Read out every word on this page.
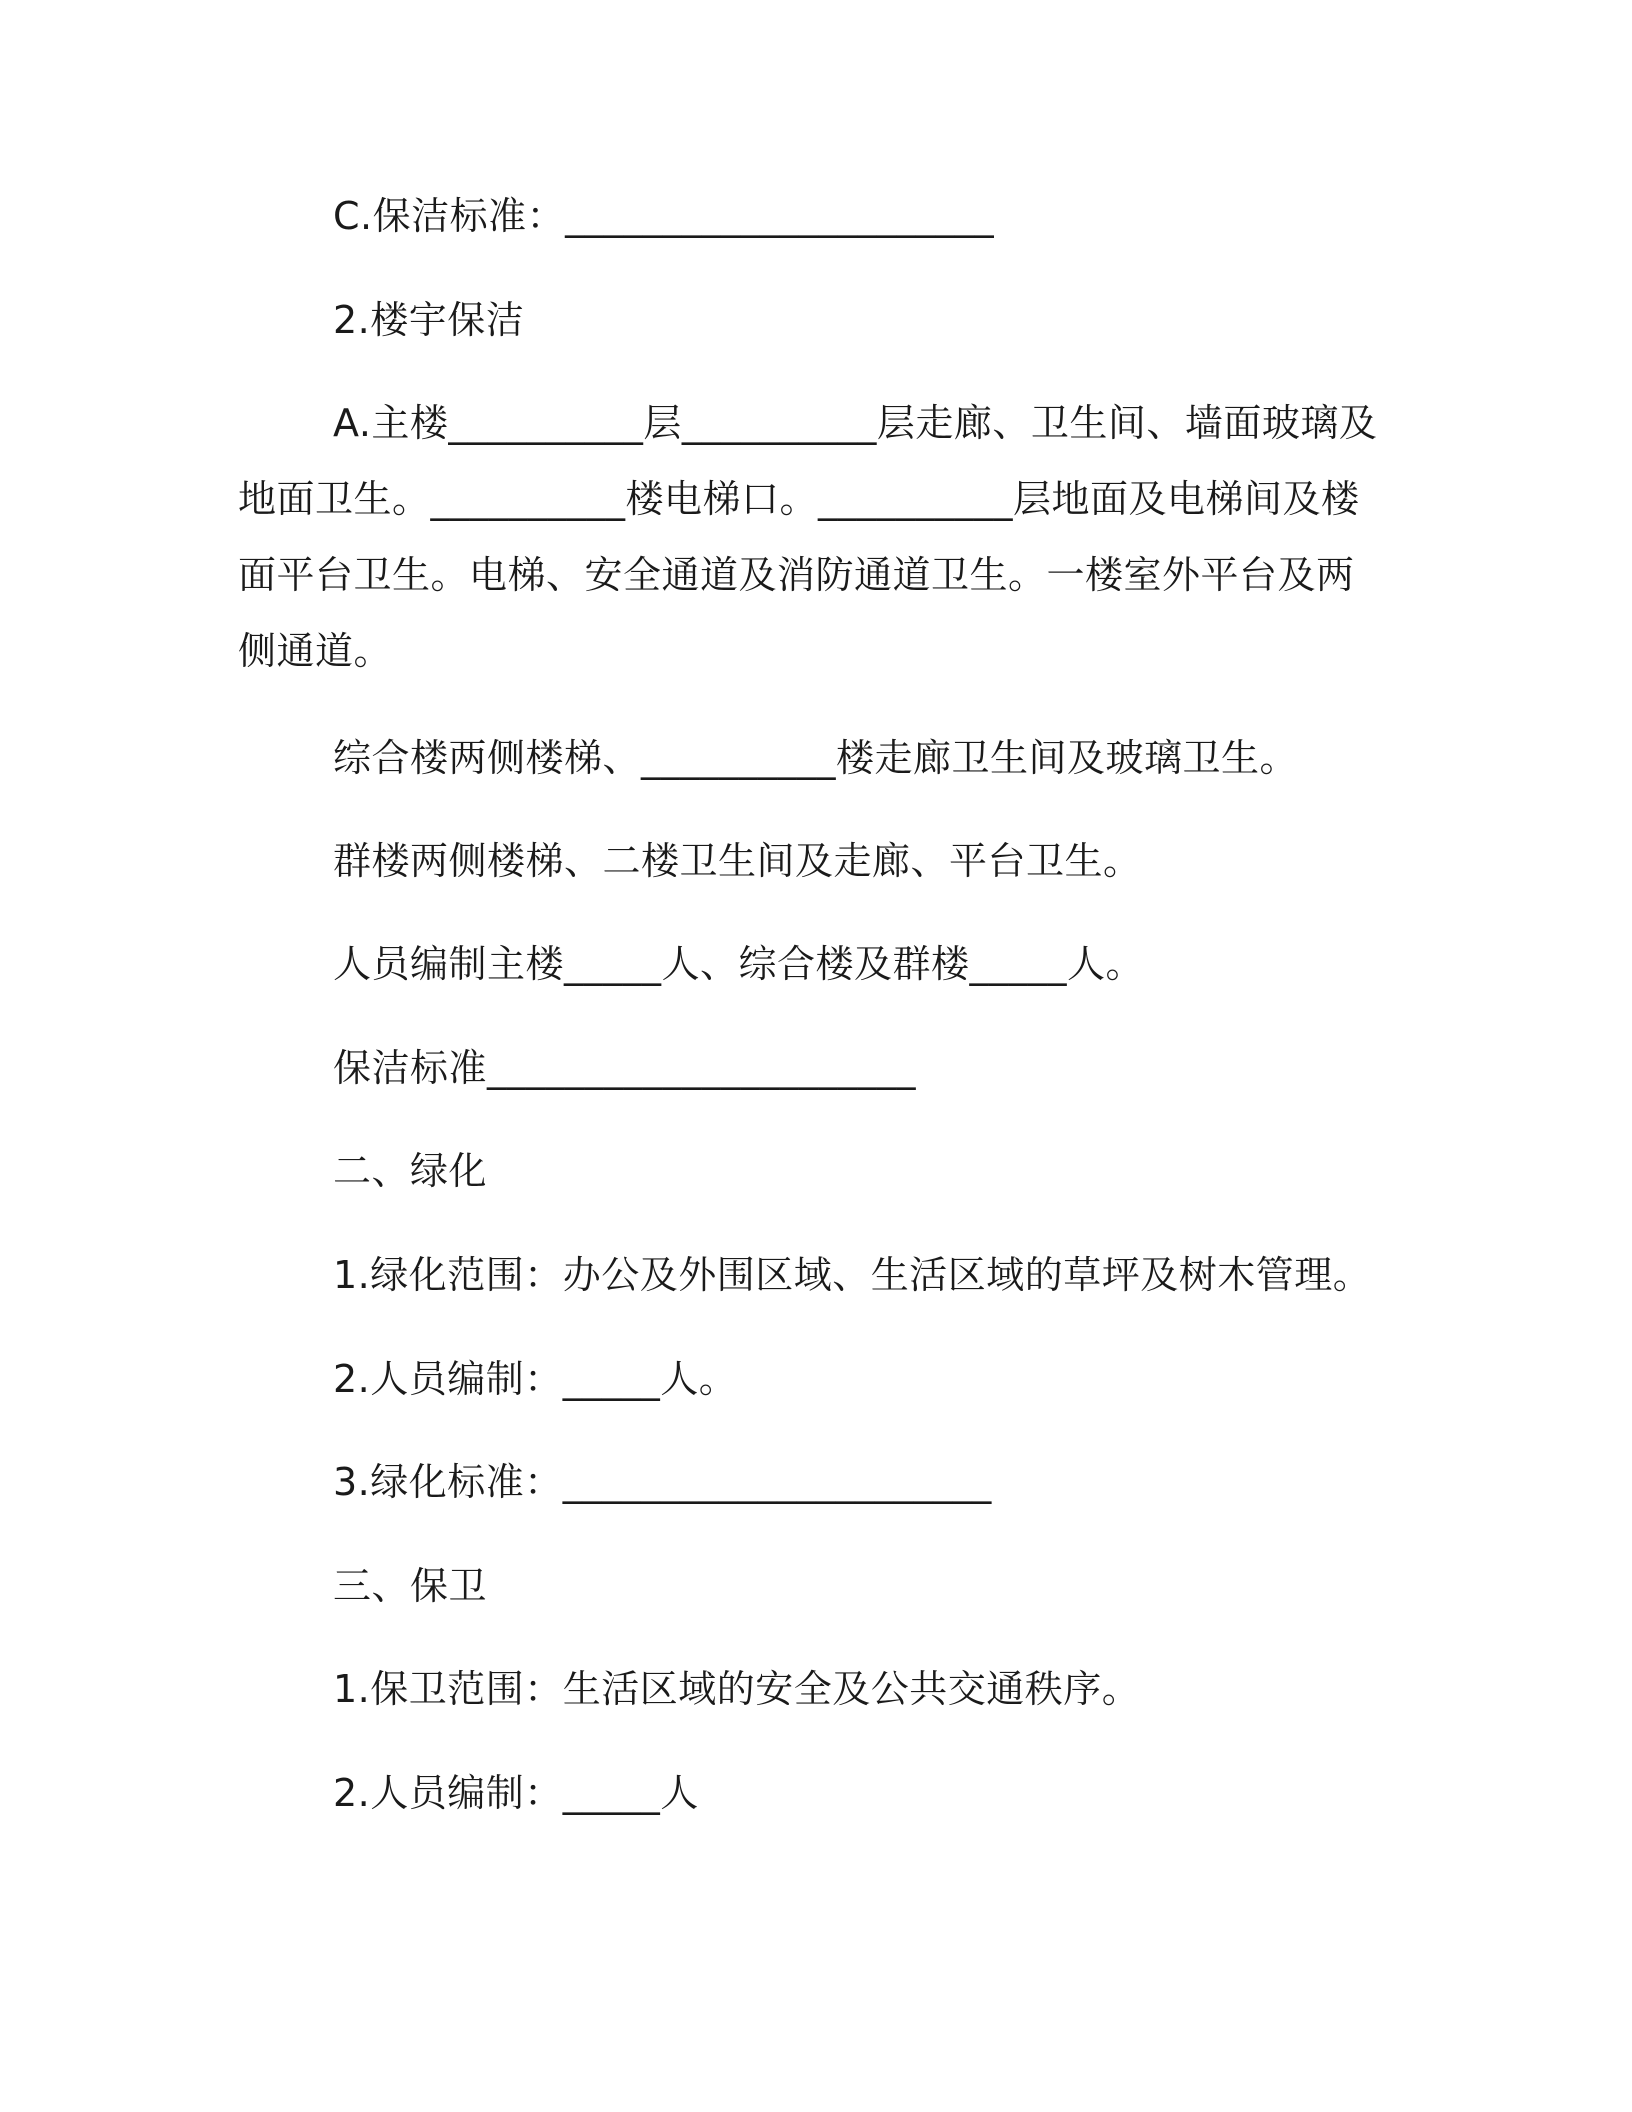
C.保洁标准：______________________
2.楼宇保洁
A.主楼__________层__________层走廊、卫生间、墙面玻璃及地面卫生。__________楼电梯口。__________层地面及电梯间及楼面平台卫生。电梯、安全通道及消防通道卫生。一楼室外平台及两侧通道。
综合楼两侧楼梯、__________楼走廊卫生间及玻璃卫生。
群楼两侧楼梯、二楼卫生间及走廊、平台卫生。
人员编制主楼_____人、综合楼及群楼_____人。
保洁标准______________________
二、绿化
1.绿化范围：办公及外围区域、生活区域的草坪及树木管理。
2.人员编制：_____人。
3.绿化标准：______________________
三、保卫
1.保卫范围：生活区域的安全及公共交通秩序。
2.人员编制：_____人
